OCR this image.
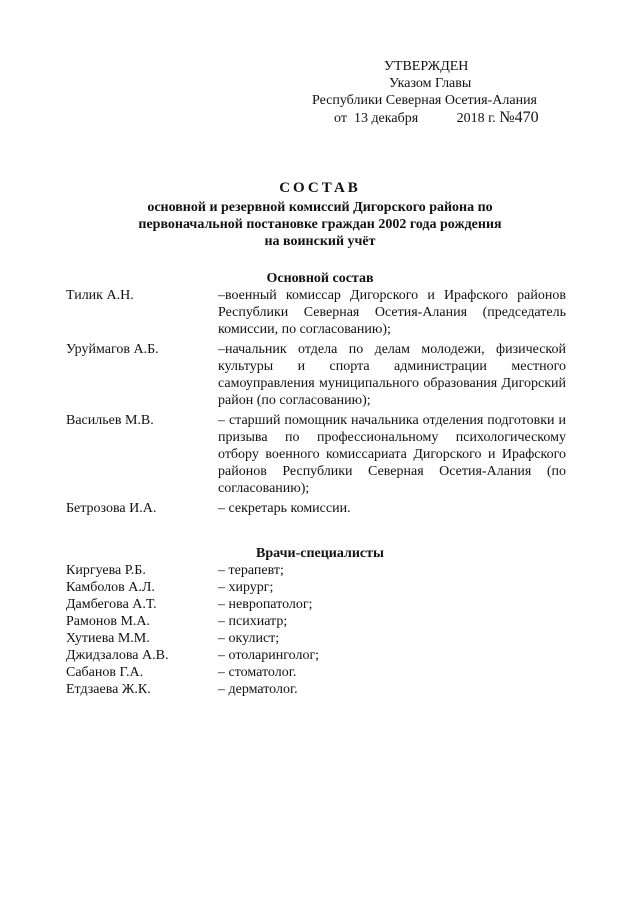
УТВЕРЖДЕН
Указом Главы
Республики Северная Осетия-Алания
от 13 декабря	2018 г. №470
СОСТАВ
основной и резервной комиссий Дигорского района по
первоначальной постановке граждан 2002 года рождения
на воинский учёт
Основной состав
Тилик А.Н.	–военный комиссар Дигорского и Ирафского районов Республики Северная Осетия-Алания (председатель комиссии, по согласованию);
Уруймагов А.Б.	–начальник отдела по делам молодежи, физической культуры и спорта администрации местного самоуправления муниципального образования Дигорский район (по согласованию);
Васильев М.В.	– старший помощник начальника отделения подготовки и призыва по профессиональному психологическому отбору военного комиссариата Дигорского и Ирафского районов Республики Северная Осетия-Алания (по согласованию);
Бетрозова И.А.	– секретарь комиссии.
Врачи-специалисты
Киргуева Р.Б.	– терапевт;
Камболов А.Л.	– хирург;
Дамбегова А.Т.	– невропатолог;
Рамонов М.А.	– психиатр;
Хутиева М.М.	– окулист;
Джидзалова А.В.	– отоларинголог;
Сабанов Г.А.	– стоматолог.
Етдзаева Ж.К.	– дерматолог.
